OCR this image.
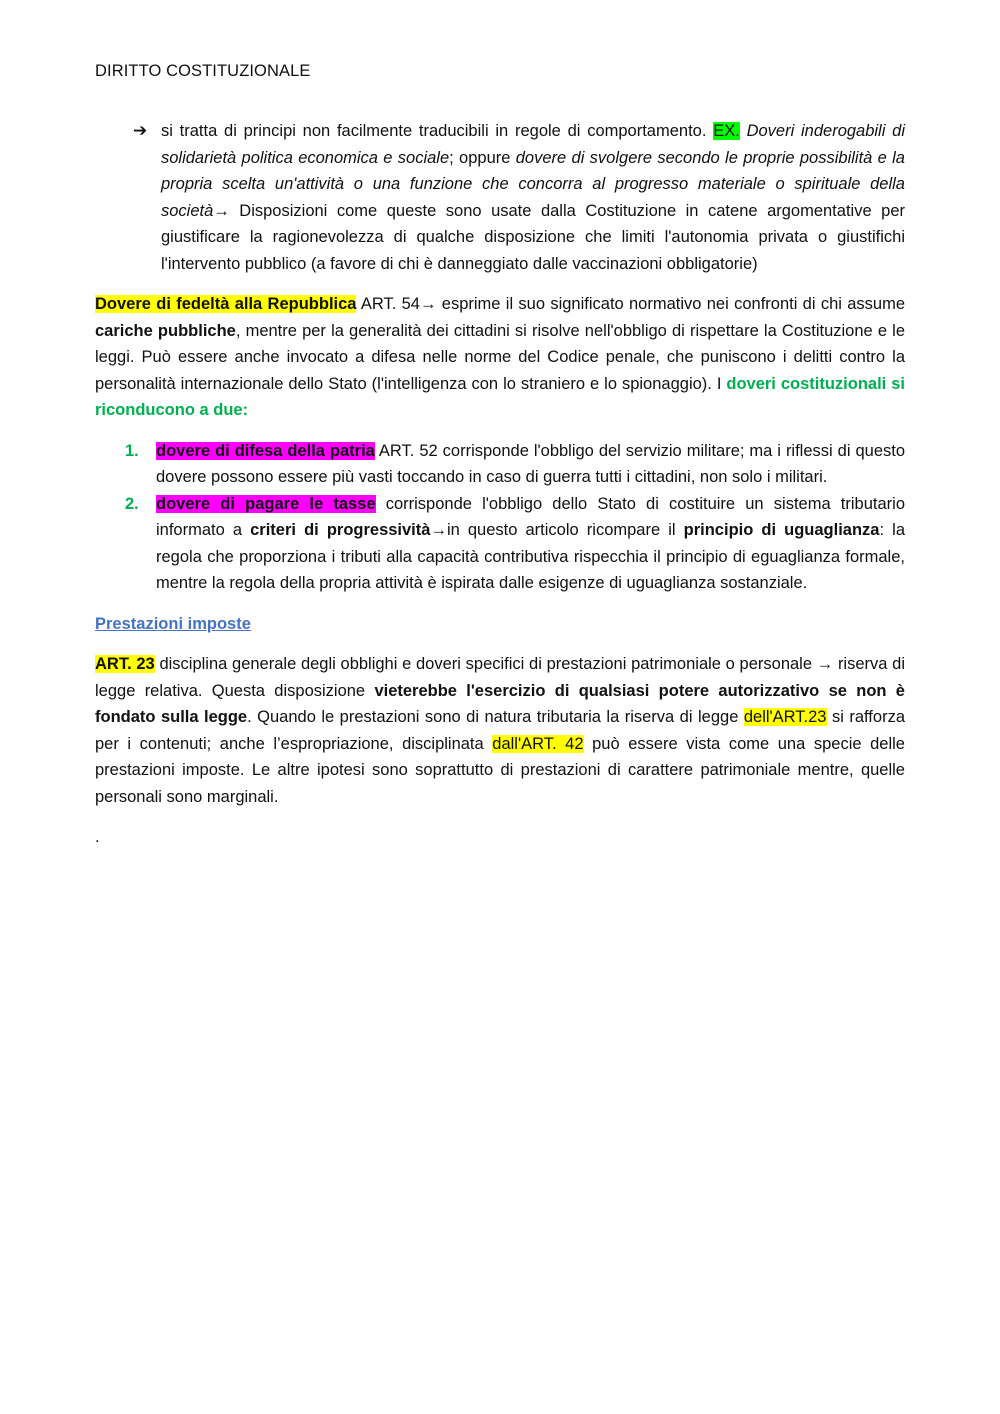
DIRITTO COSTITUZIONALE
➔ si tratta di principi non facilmente traducibili in regole di comportamento. EX. Doveri inderogabili di solidarietà politica economica e sociale; oppure dovere di svolgere secondo le proprie possibilità e la propria scelta un'attività o una funzione che concorra al progresso materiale o spirituale della società→ Disposizioni come queste sono usate dalla Costituzione in catene argomentative per giustificare la ragionevolezza di qualche disposizione che limiti l'autonomia privata o giustifichi l'intervento pubblico (a favore di chi è danneggiato dalle vaccinazioni obbligatorie)

Dovere di fedeltà alla Repubblica ART. 54→ esprime il suo significato normativo nei confronti di chi assume cariche pubbliche, mentre per la generalità dei cittadini si risolve nell'obbligo di rispettare la Costituzione e le leggi. Può essere anche invocato a difesa nelle norme del Codice penale, che puniscono i delitti contro la personalità internazionale dello Stato (l'intelligenza con lo straniero e lo spionaggio). I doveri costituzionali si riconducono a due:

1. dovere di difesa della patria ART. 52 corrisponde l'obbligo del servizio militare; ma i riflessi di questo dovere possono essere più vasti toccando in caso di guerra tutti i cittadini, non solo i militari.

2. dovere di pagare le tasse corrisponde l'obbligo dello Stato di costituire un sistema tributario informato a criteri di progressività→in questo articolo ricompare il principio di uguaglianza: la regola che proporziona i tributi alla capacità contributiva rispecchia il principio di eguaglianza formale, mentre la regola della propria attività è ispirata dalle esigenze di uguaglianza sostanziale.

Prestazioni imposte

ART. 23 disciplina generale degli obblighi e doveri specifici di prestazioni patrimoniale o personale → riserva di legge relativa. Questa disposizione vieterebbe l'esercizio di qualsiasi potere autorizzativo se non è fondato sulla legge. Quando le prestazioni sono di natura tributaria la riserva di legge dell'ART.23 si rafforza per i contenuti; anche l’espropriazione, disciplinata dall'ART. 42 può essere vista come una specie delle prestazioni imposte. Le altre ipotesi sono soprattutto di prestazioni di carattere patrimoniale mentre, quelle personali sono marginali.

.
